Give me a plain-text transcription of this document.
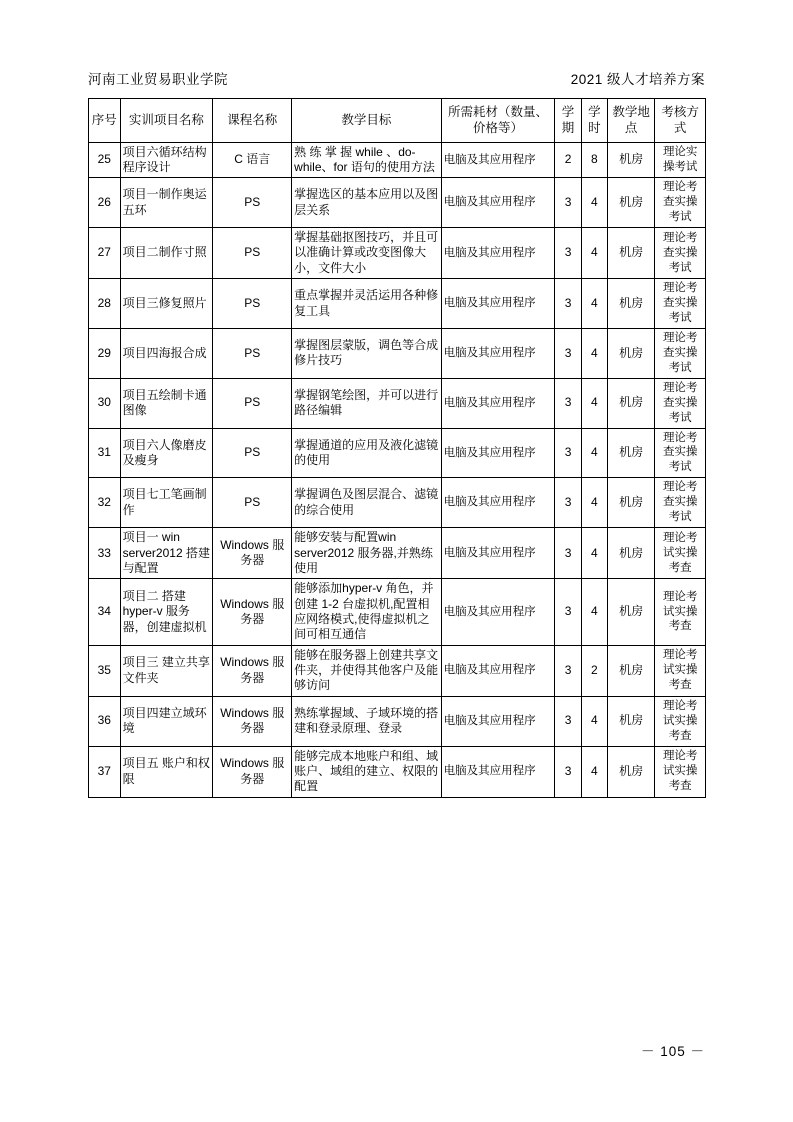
河南工业贸易职业学院	2021 级人才培养方案
序号	实训项目名称	课程名称	教学目标	所需耗材（数量、价格等）	学期	学时	教学地点	考核方式
25	项目六循环结构程序设计	C 语言	熟 练 掌 握 while 、do-while、for 语句的使用方法	电脑及其应用程序	2	8	机房	理论实操考试
26	项目一制作奥运五环	PS	掌握选区的基本应用以及图层关系	电脑及其应用程序	3	4	机房	理论考查实操考试
27	项目二制作寸照	PS	掌握基础抠图技巧，并且可以准确计算或改变图像大小，文件大小	电脑及其应用程序	3	4	机房	理论考查实操考试
28	项目三修复照片	PS	重点掌握并灵活运用各种修复工具	电脑及其应用程序	3	4	机房	理论考查实操考试
29	项目四海报合成	PS	掌握图层蒙版，调色等合成修片技巧	电脑及其应用程序	3	4	机房	理论考查实操考试
30	项目五绘制卡通图像	PS	掌握钢笔绘图，并可以进行路径编辑	电脑及其应用程序	3	4	机房	理论考查实操考试
31	项目六人像磨皮及瘦身	PS	掌握通道的应用及液化滤镜的使用	电脑及其应用程序	3	4	机房	理论考查实操考试
32	项目七工笔画制作	PS	掌握调色及图层混合、滤镜的综合使用	电脑及其应用程序	3	4	机房	理论考查实操考试
33	项目一 win server2012 搭建与配置	Windows 服务器	能够安装与配置win server2012 服务器,并熟练使用	电脑及其应用程序	3	4	机房	理论考试实操考查
34	项目二 搭建hyper-v 服务器，创建虚拟机	Windows 服务器	能够添加hyper-v 角色，并创建 1-2 台虚拟机,配置相应网络模式,使得虚拟机之间可相互通信	电脑及其应用程序	3	4	机房	理论考试实操考查
35	项目三 建立共享文件夹	Windows 服务器	能够在服务器上创建共享文件夹，并使得其他客户及能够访问	电脑及其应用程序	3	2	机房	理论考试实操考查
36	项目四建立域环境	Windows 服务器	熟练掌握域、子域环境的搭建和登录原理、登录	电脑及其应用程序	3	4	机房	理论考试实操考查
37	项目五 账户和权限	Windows 服务器	能够完成本地账户和组、域账户、域组的建立、权限的配置	电脑及其应用程序	3	4	机房	理论考试实操考查
－ 105 －
